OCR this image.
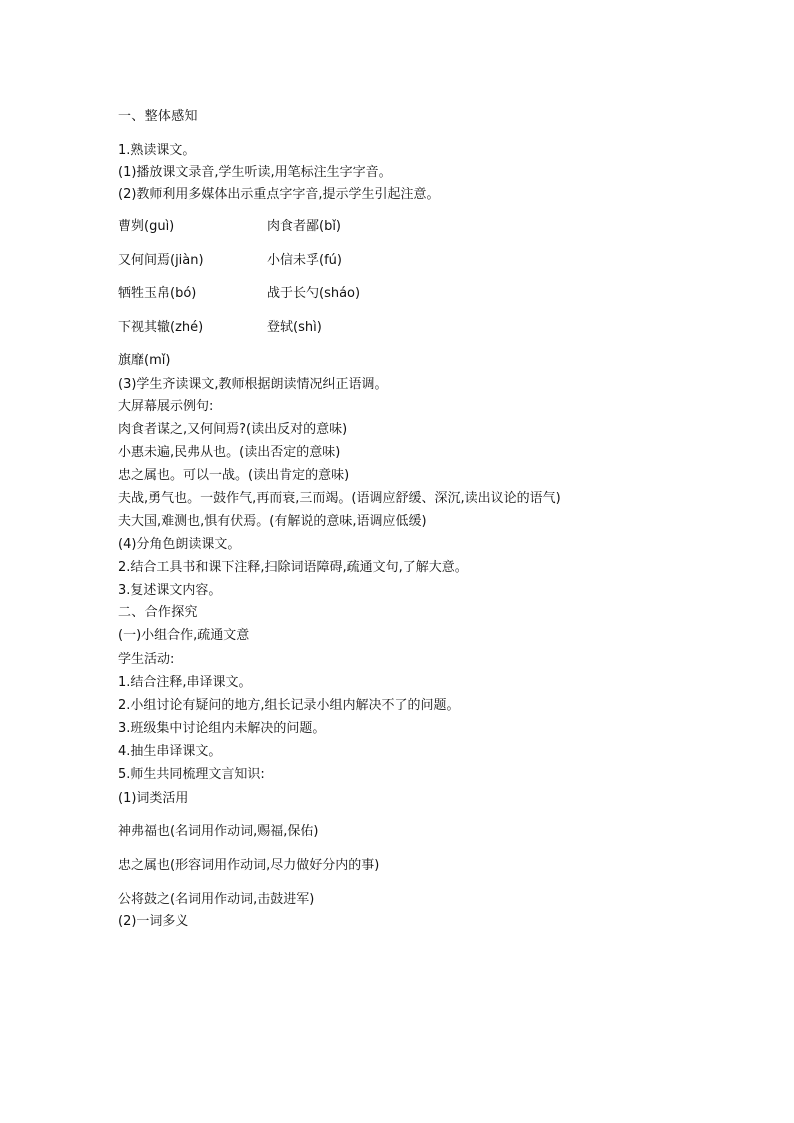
一、整体感知
1.熟读课文。
(1)播放课文录音,学生听读,用笔标注生字字音。
(2)教师利用多媒体出示重点字字音,提示学生引起注意。
曹刿(guì)	肉食者鄙(bǐ)
又何间焉(jiàn)	小信未孚(fú)
牺牲玉帛(bó)	战于长勺(sháo)
下视其辙(zhé)	登轼(shì)
旗靡(mǐ)
(3)学生齐读课文,教师根据朗读情况纠正语调。
大屏幕展示例句:
肉食者谋之,又何间焉?(读出反对的意味)
小惠未遍,民弗从也。(读出否定的意味)
忠之属也。可以一战。(读出肯定的意味)
夫战,勇气也。一鼓作气,再而衰,三而竭。(语调应舒缓、深沉,读出议论的语气)
夫大国,难测也,惧有伏焉。(有解说的意味,语调应低缓)
(4)分角色朗读课文。
2.结合工具书和课下注释,扫除词语障碍,疏通文句,了解大意。
3.复述课文内容。
二、合作探究
(一)小组合作,疏通文意
学生活动:
1.结合注释,串译课文。
2.小组讨论有疑问的地方,组长记录小组内解决不了的问题。
3.班级集中讨论组内未解决的问题。
4.抽生串译课文。
5.师生共同梳理文言知识:
(1)词类活用
神弗福也(名词用作动词,赐福,保佑)
忠之属也(形容词用作动词,尽力做好分内的事)
公将鼓之(名词用作动词,击鼓进军)
(2)一词多义
